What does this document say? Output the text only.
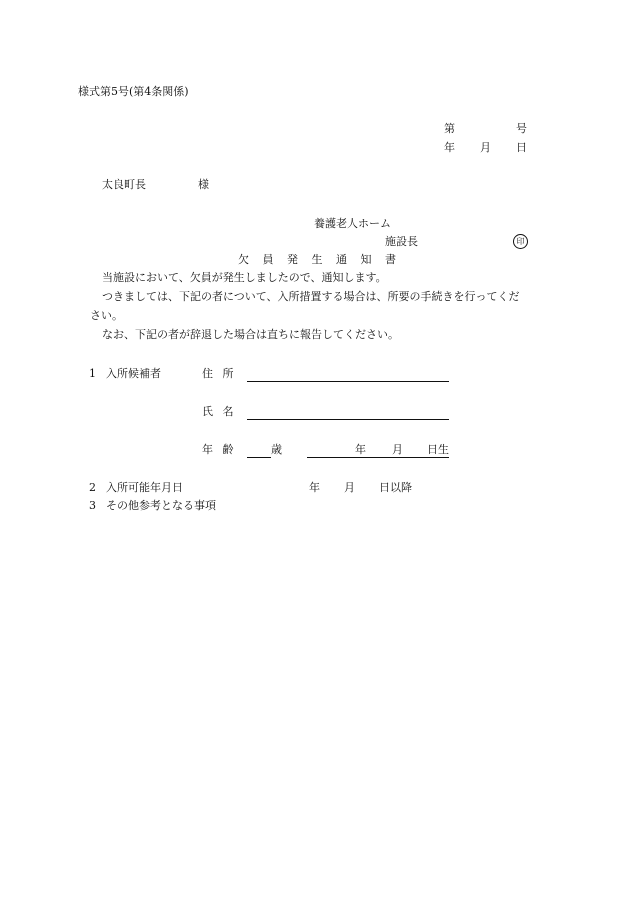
様式第5号(第4条関係)
第	号
年 月 日
太良町長	様
養護老人ホーム
施設長	印
欠 員 発 生 通 知 書
当施設において、欠員が発生しましたので、通知します。
つきましては、下記の者について、入所措置する場合は、所要の手続きを行ってくだ
さい。
なお、下記の者が辞退した場合は直ちに報告してください。
1 入所候補者	住 所
氏 名
年 齢	歳	年 月 日生
2 入所可能年月日	年 月 日以降
3 その他参考となる事項
